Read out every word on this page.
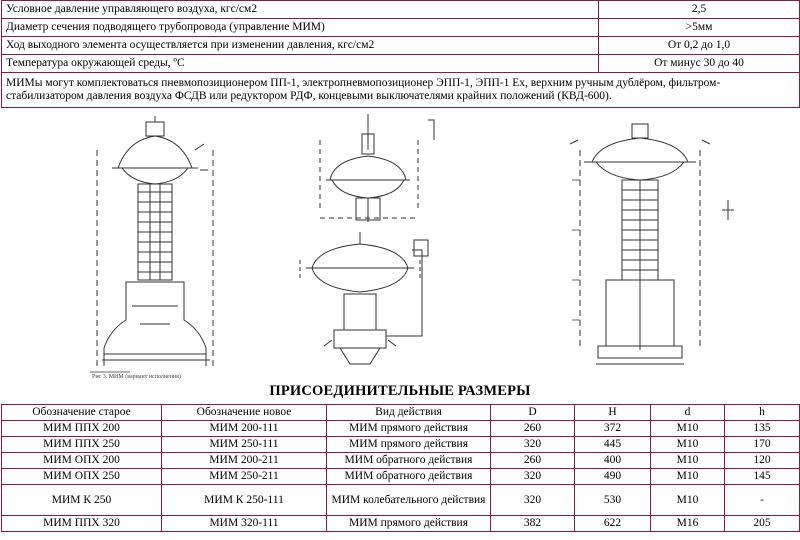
Условное давление управляющего воздуха, кгс/см2	2,5
Диаметр сечения подводящего трубопровода (управление МИМ)	>5мм
Ход выходного элемента осуществляется при изменении давления, кгс/см2	От 0,2 до 1,0
Температура окружающей среды, ºС	От минус 30 до 40
МИМы могут комплектоваться пневмопозиционером ПП-1, электропневмопозиционер ЭПП-1, ЭПП-1 Ex, верхним ручным дублёром, фильтром-стабилизатором давления воздуха ФСДВ или редуктором РДФ, концевыми выключателями крайних положений (КВД-600).	
Рис 3. МИМ (вариант исполнения)
ПРИСОЕДИНИТЕЛЬНЫЕ РАЗМЕРЫ
Обозначение старое	Обозначение новое	Вид действия	D	H	d	h
МИМ ППХ 200	МИМ 200-111	МИМ прямого действия	260	372	М10	135
МИМ ППХ 250	МИМ 250-111	МИМ прямого действия	320	445	М10	170
МИМ ОПХ 200	МИМ 200-211	МИМ обратного действия	260	400	М10	120
МИМ ОПХ 250	МИМ 250-211	МИМ обратного действия	320	490	М10	145
МИМ К 250	МИМ К 250-111	МИМ колебательного действия	320	530	М10	-
МИМ ППХ 320	МИМ 320-111	МИМ прямого действия	382	622	М16	205
